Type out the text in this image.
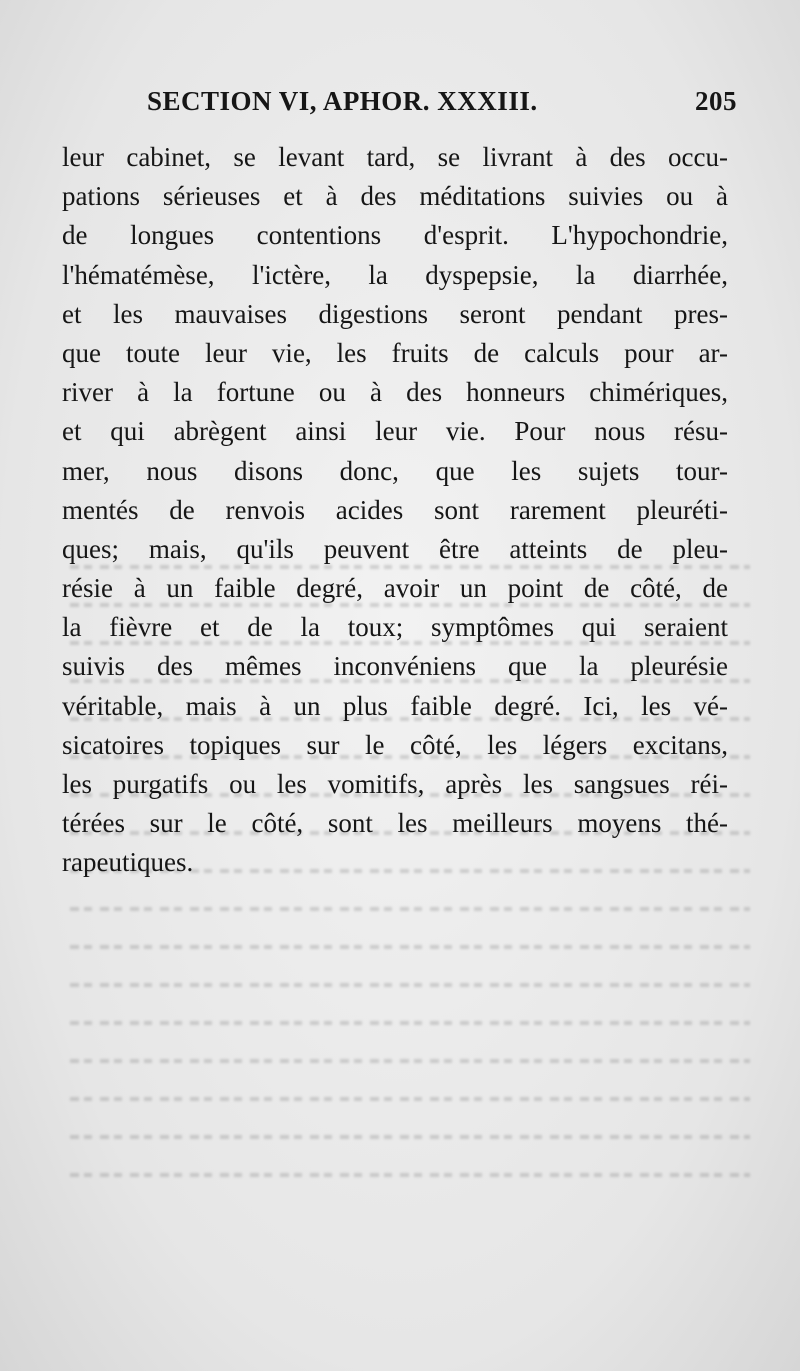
SECTION VI, APHOR. XXXIII.	205
leur cabinet, se levant tard, se livrant à des occu-
pations sérieuses et à des méditations suivies ou à
de longues contentions d'esprit. L'hypochondrie,
l'hématémèse, l'ictère, la dyspepsie, la diarrhée,
et les mauvaises digestions seront pendant pres-
que toute leur vie, les fruits de calculs pour ar-
river à la fortune ou à des honneurs chimériques,
et qui abrègent ainsi leur vie. Pour nous résu-
mer, nous disons donc, que les sujets tour-
mentés de renvois acides sont rarement pleuréti-
ques; mais, qu'ils peuvent être atteints de pleu-
résie à un faible degré, avoir un point de côté, de
la fièvre et de la toux; symptômes qui seraient
suivis des mêmes inconvéniens que la pleurésie
véritable, mais à un plus faible degré. Ici, les vé-
sicatoires topiques sur le côté, les légers excitans,
les purgatifs ou les vomitifs, après les sangsues réi-
térées sur le côté, sont les meilleurs moyens thé-
rapeutiques.
